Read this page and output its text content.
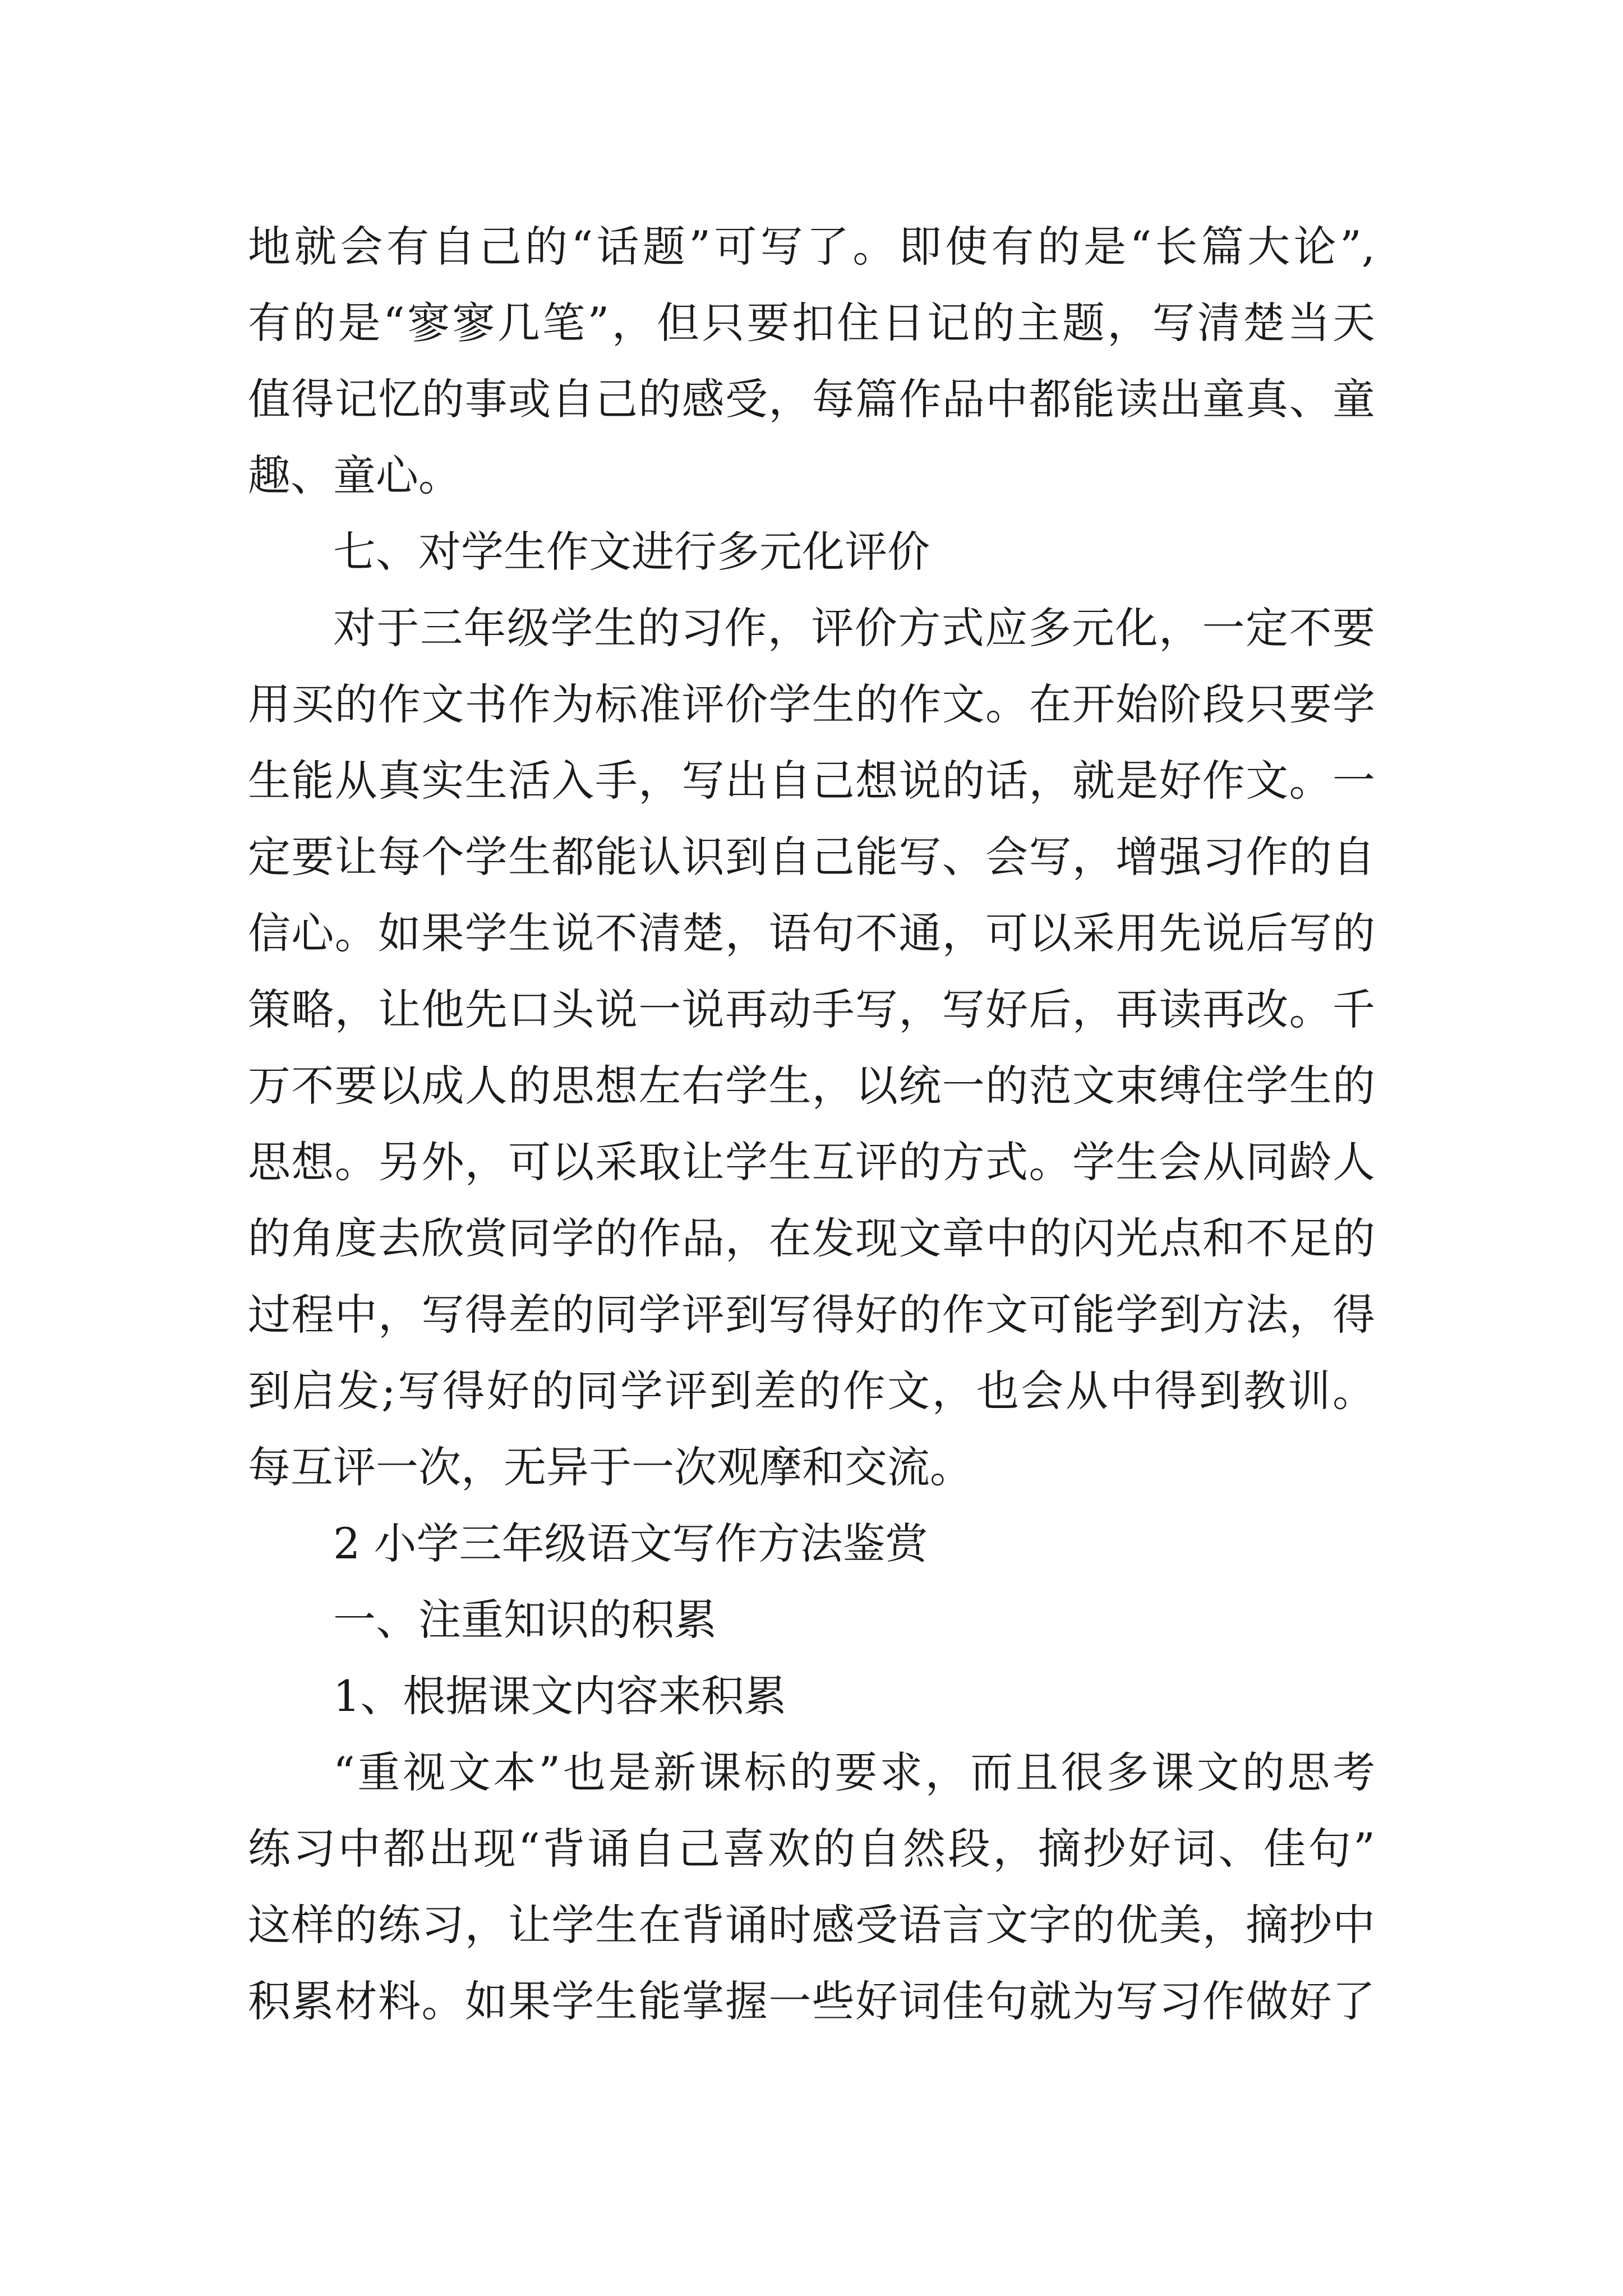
地就会有自己的“话题”可写了。即使有的是“长篇大论”,
有的是“寥寥几笔”，但只要扣住日记的主题，写清楚当天
值得记忆的事或自己的感受，每篇作品中都能读出童真、童
趣、童心。
七、对学生作文进行多元化评价
对于三年级学生的习作，评价方式应多元化，一定不要
用买的作文书作为标准评价学生的作文。在开始阶段只要学
生能从真实生活入手，写出自己想说的话，就是好作文。一
定要让每个学生都能认识到自己能写、会写，增强习作的自
信心。如果学生说不清楚，语句不通，可以采用先说后写的
策略，让他先口头说一说再动手写，写好后，再读再改。千
万不要以成人的思想左右学生，以统一的范文束缚住学生的
思想。另外，可以采取让学生互评的方式。学生会从同龄人
的角度去欣赏同学的作品，在发现文章中的闪光点和不足的
过程中，写得差的同学评到写得好的作文可能学到方法，得
到启发;写得好的同学评到差的作文，也会从中得到教训。
每互评一次，无异于一次观摩和交流。
2 小学三年级语文写作方法鉴赏
一、注重知识的积累
1、根据课文内容来积累
“重视文本”也是新课标的要求，而且很多课文的思考
练习中都出现“背诵自己喜欢的自然段，摘抄好词、佳句”
这样的练习，让学生在背诵时感受语言文字的优美，摘抄中
积累材料。如果学生能掌握一些好词佳句就为写习作做好了
